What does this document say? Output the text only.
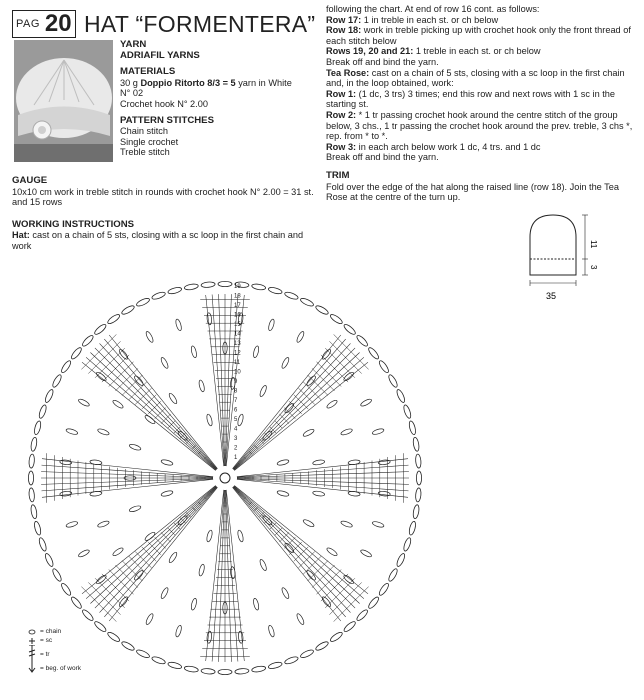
PAG 20 HAT “FORMENTERA”

YARN

ADRIAFIL YARNS

MATERIALS

30 g Doppio Ritorto 8/3 = 5 yarn in White

N° 02

Crochet hook N° 2.00

PATTERN STITCHES

Chain stitch

Single crochet

Treble stitch

GAUGE

10x10 cm work in treble stitch in rounds with crochet hook N° 2.00 = 31 st. and 15 rows

WORKING INSTRUCTIONS

Hat: cast on a chain of 5 sts, closing with a sc loop in the first chain and work

following the chart. At end of row 16 cont. as follows:

Row 17: 1 in treble in each st. or ch below

Row 18: work in treble picking up with crochet hook only the front thread of each stitch below

Rows 19, 20 and 21: 1 treble in each st. or ch below

Break off and bind the yarn.

Tea Rose: cast on a chain of 5 sts, closing with a sc loop in the first chain and, in the loop obtained, work:

Row 1: (1 dc, 3 trs) 3 times; end this row and next rows with 1 sc in the starting st.

Row 2: * 1 tr passing crochet hook around the centre stitch of the group below, 3 chs., 1 tr passing the crochet hook around the prev. treble, 3 chs *, rep. from * to *.

Row 3: in each arch below work 1 dc, 4 trs. and 1 dc

Break off and bind the yarn.

TRIM

Fold over the edge of the hat along the raised line (row 18). Join the Tea Rose at the centre of the turn up.

11
3
35
19
18
17
16
15
14
13
12
11
10
9
8
7
6
5
4
3
2
1
= chain
= sc
= tr
= beg. of work
